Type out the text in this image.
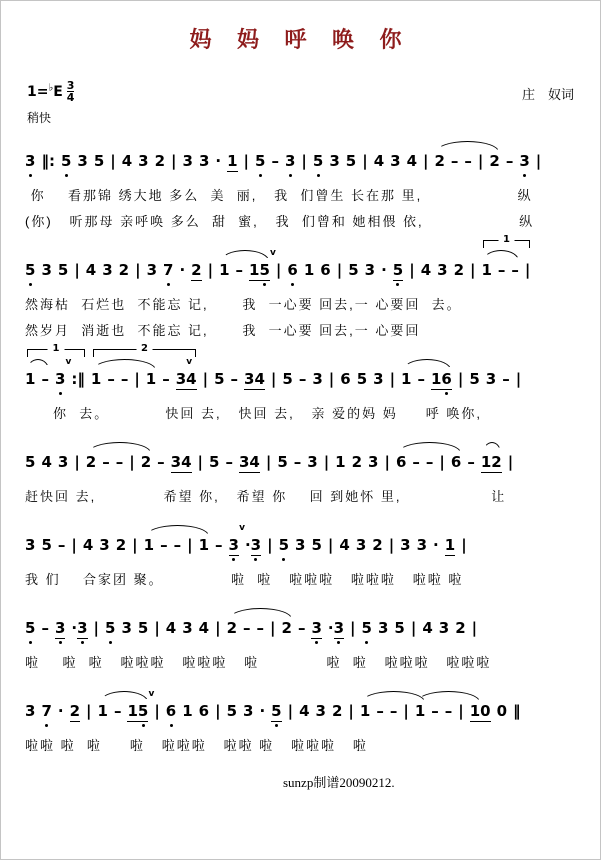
妈 妈 呼 唤 你
$1=^♭E \frac{3}{4}$	庄　奴词
稍快
3 ‖: 5 3 5 | 4 3 2 | 3 3 · 1 | 5 – 3 | 5 3 5 | 4 3 4 | 2 – – | 2 – 3 |
你    看那锦 绣大地 多么  美  丽,   我  们曾生 长在那 里,                 纵
(你)   听那母 亲呼唤 多么  甜  蜜,   我  们曾和 她相偎 依,                 纵
5 3 5 | 4 3 2 | 3 7 · 2 | 1 – 1 5
v
| 6 1 6 | 5 3 · 5 | 4 3 2 | 1 – – |
然海枯  石烂也  不能忘 记,      我  一心要 回去,一 心要回  去。
然岁月  消逝也  不能忘 记,      我  一心要 回去,一 心要回
1
1 – 3
v
:‖ 1 – – | 1 – 3
v
4 | 5 – 3 4 | 5 – 3 | 6 5 3 | 1 – 1 6 | 5 3 – |
你  去。          快回 去,   快回 去,   亲 爱的妈 妈     呼 唤你,
1	2
5 4 3 | 2 – – | 2 – 3 4 | 5 – 3 4 | 5 – 3 | 1 2 3 | 6 – – | 6 – 1 2 |
赶快回 去,            希望 你,   希望 你    回 到她怀 里,                让
3 5 – | 4 3 2 | 1 – – | 1 – 3
v
· 3 | 5 3 5 | 4 3 2 | 3 3 · 1 |
我 们    合家团 聚。            啦  啦   啦啦啦   啦啦啦   啦啦 啦
5 – 3 · 3 | 5 3 5 | 4 3 4 | 2 – – | 2 – 3 · 3 | 5 3 5 | 4 3 2 |
啦    啦  啦   啦啦啦   啦啦啦   啦            啦  啦   啦啦啦   啦啦啦
3 7 · 2 | 1 – 1 5
v
| 6 1 6 | 5 3 · 5 | 4 3 2 | 1 – – | 1 – – | 1 0 0 ‖
啦啦 啦  啦     啦   啦啦啦   啦啦 啦   啦啦啦   啦
sunzp制谱20090212.
